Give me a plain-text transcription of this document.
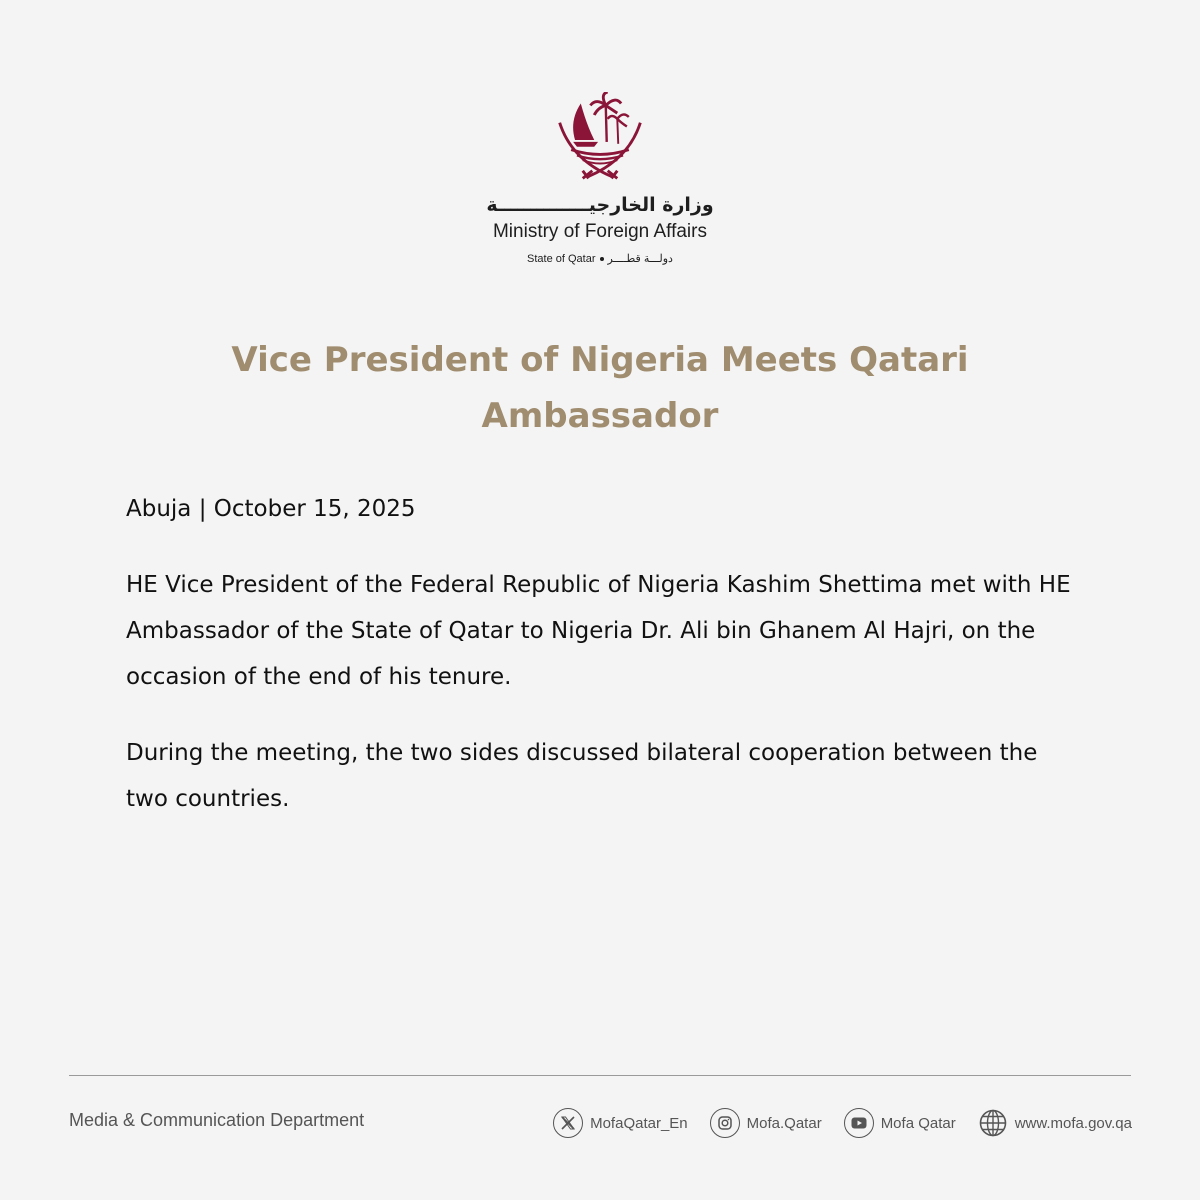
وزارة الخارجيــــــــــــــة
Ministry of Foreign Affairs
State of Qatar دولـــة قطــــر
Vice President of Nigeria Meets Qatari Ambassador

Abuja | October 15, 2025

HE Vice President of the Federal Republic of Nigeria Kashim Shettima met with HE Ambassador of the State of Qatar to Nigeria Dr. Ali bin Ghanem Al Hajri, on the occasion of the end of his tenure.

During the meeting, the two sides discussed bilateral cooperation between the two countries.

Media & Communication Department	MofaQatar_En	Mofa.Qatar	Mofa Qatar	www.mofa.gov.qa
